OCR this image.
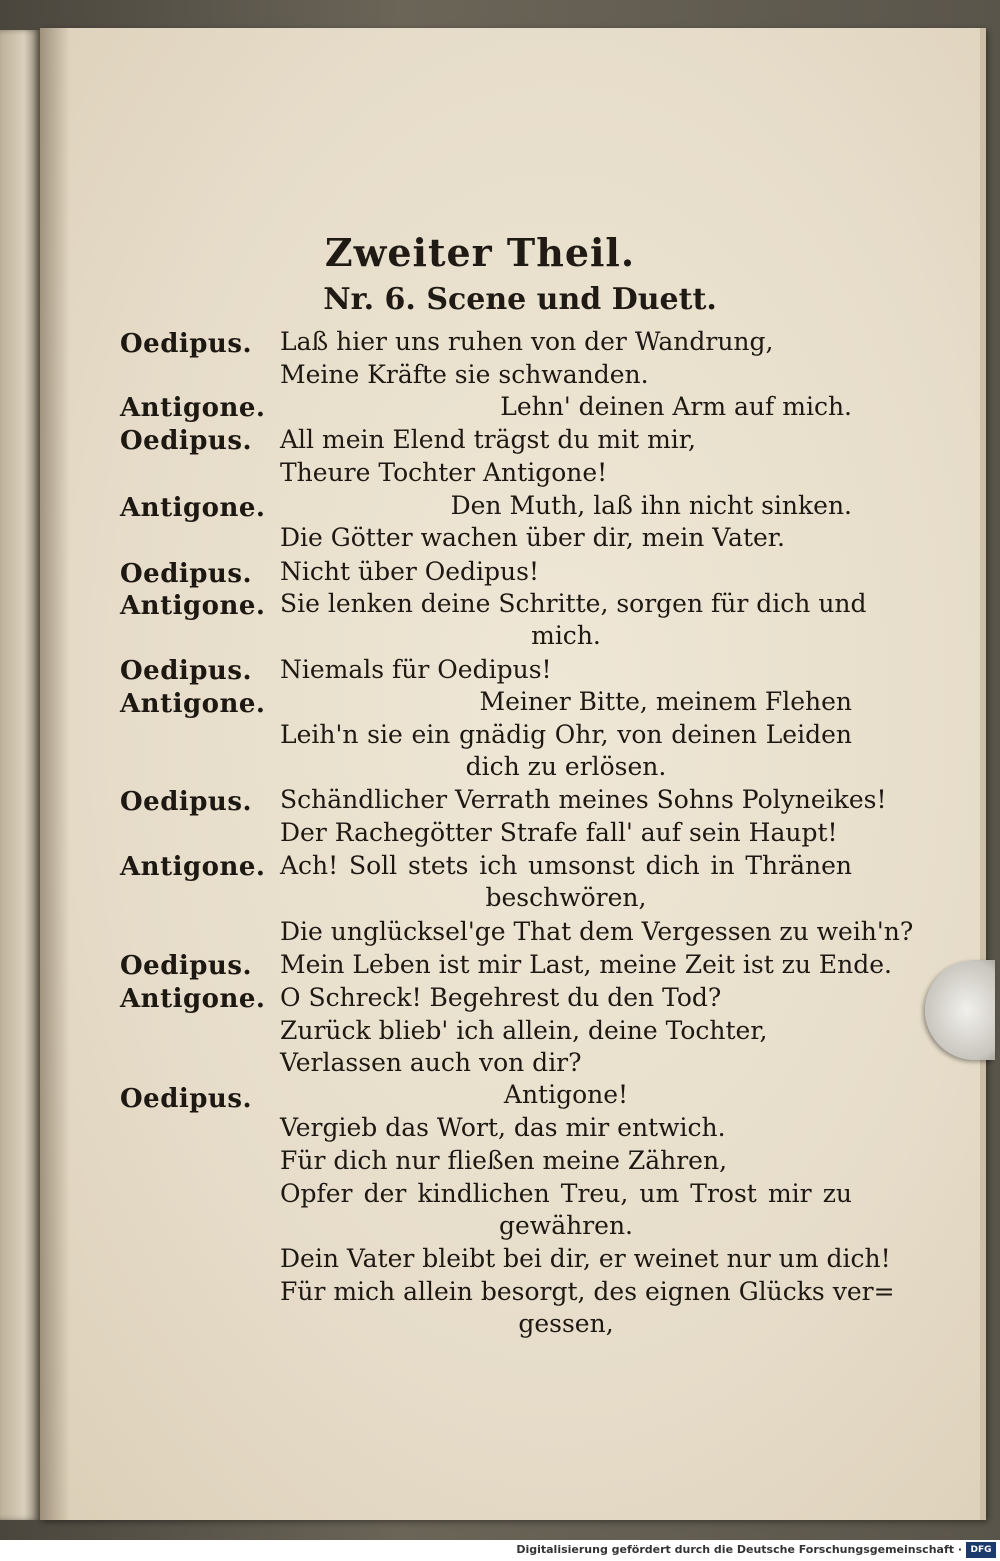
Zweiter Theil.
Nr. 6. Scene und Duett.
Oedipus.
Antigone.
Oedipus.
Antigone.
Oedipus.
Antigone.
Oedipus.
Antigone.
Oedipus.
Antigone.
Oedipus.
Antigone.
Oedipus.
Laß hier uns ruhen von der Wandrung,
Meine Kräfte sie schwanden.
Lehn' deinen Arm auf mich.
All mein Elend trägst du mit mir,
Theure Tochter Antigone!
Den Muth, laß ihn nicht sinken.
Die Götter wachen über dir, mein Vater.
Nicht über Oedipus!
Sie lenken deine Schritte, sorgen für dich und
mich.
Niemals für Oedipus!
Meiner Bitte, meinem Flehen
Leih'n sie ein gnädig Ohr, von deinen Leiden
dich zu erlösen.
Schändlicher Verrath meines Sohns Polyneikes!
Der Rachegötter Strafe fall' auf sein Haupt!
Ach! Soll stets ich umsonst dich in Thränen
beschwören,
Die unglücksel'ge That dem Vergessen zu weih'n?
Mein Leben ist mir Last, meine Zeit ist zu Ende.
O Schreck! Begehrest du den Tod?
Zurück blieb' ich allein, deine Tochter,
Verlassen auch von dir?
Antigone!
Vergieb das Wort, das mir entwich.
Für dich nur fließen meine Zähren,
Opfer der kindlichen Treu, um Trost mir zu
gewähren.
Dein Vater bleibt bei dir, er weinet nur um dich!
Für mich allein besorgt, des eignen Glücks ver=
gessen,
Digitalisierung gefördert durch die Deutsche Forschungsgemeinschaft · DFG
